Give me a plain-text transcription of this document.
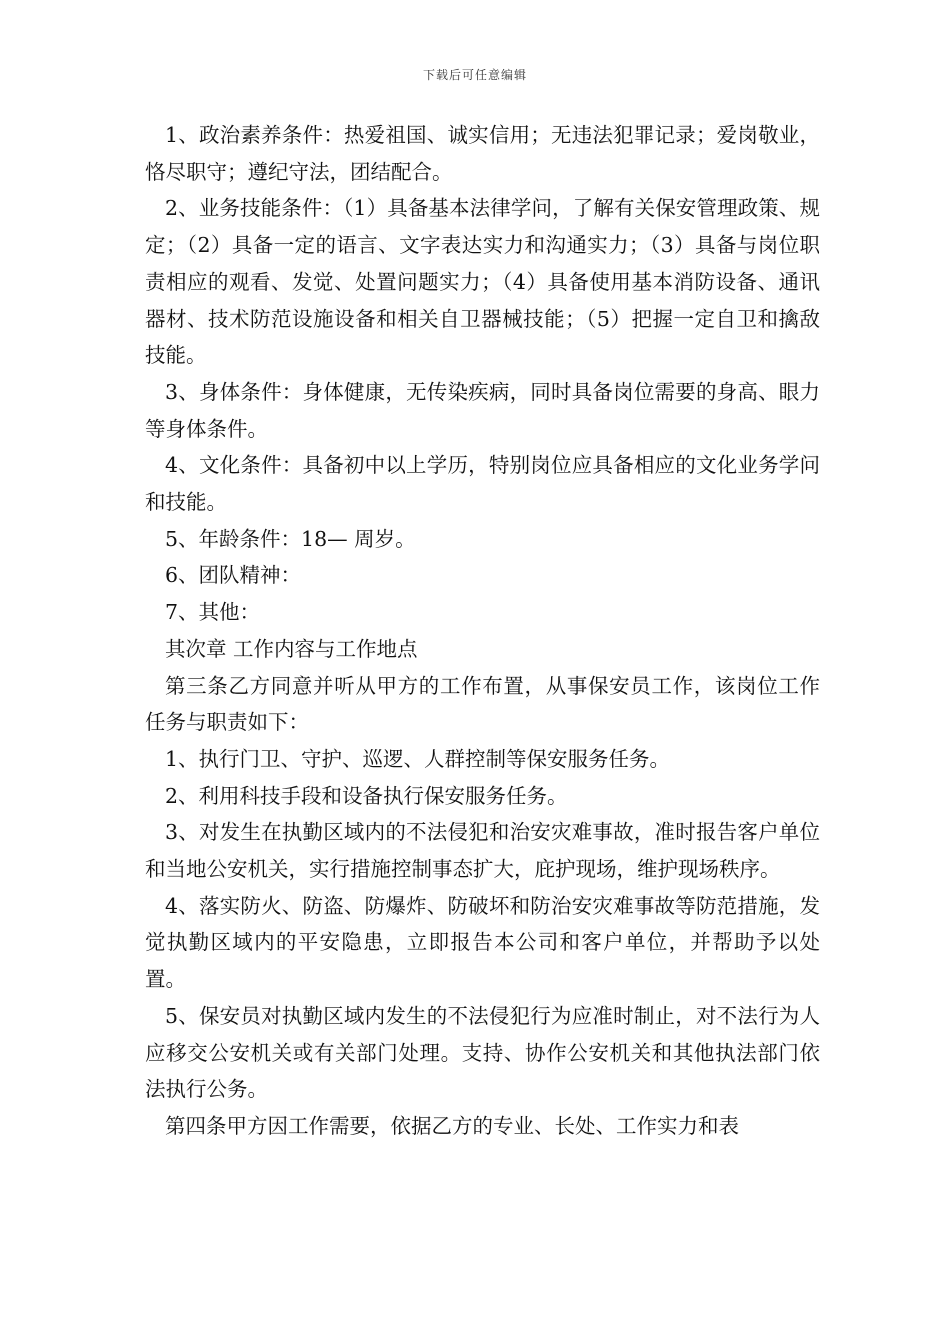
下载后可任意编辑

1、政治素养条件：热爱祖国、诚实信用；无违法犯罪记录；爱岗敬业，恪尽职守；遵纪守法，团结配合。

2、业务技能条件：（1）具备基本法律学问，了解有关保安管理政策、规定；（2）具备一定的语言、文字表达实力和沟通实力；（3）具备与岗位职责相应的观看、发觉、处置问题实力；（4）具备使用基本消防设备、通讯器材、技术防范设施设备和相关自卫器械技能；（5）把握一定自卫和擒敌技能。

3、身体条件：身体健康，无传染疾病，同时具备岗位需要的身高、眼力等身体条件。

4、文化条件：具备初中以上学历，特别岗位应具备相应的文化业务学问和技能。

5、年龄条件：18— 周岁。

6、团队精神：

7、其他：

其次章 工作内容与工作地点

第三条乙方同意并听从甲方的工作布置，从事保安员工作，该岗位工作任务与职责如下：

1、执行门卫、守护、巡逻、人群控制等保安服务任务。

2、利用科技手段和设备执行保安服务任务。

3、对发生在执勤区域内的不法侵犯和治安灾难事故，准时报告客户单位和当地公安机关，实行措施控制事态扩大，庇护现场，维护现场秩序。

4、落实防火、防盗、防爆炸、防破坏和防治安灾难事故等防范措施，发觉执勤区域内的平安隐患，立即报告本公司和客户单位，并帮助予以处置。

5、保安员对执勤区域内发生的不法侵犯行为应准时制止，对不法行为人应移交公安机关或有关部门处理。支持、协作公安机关和其他执法部门依法执行公务。

第四条甲方因工作需要，依据乙方的专业、长处、工作实力和表
